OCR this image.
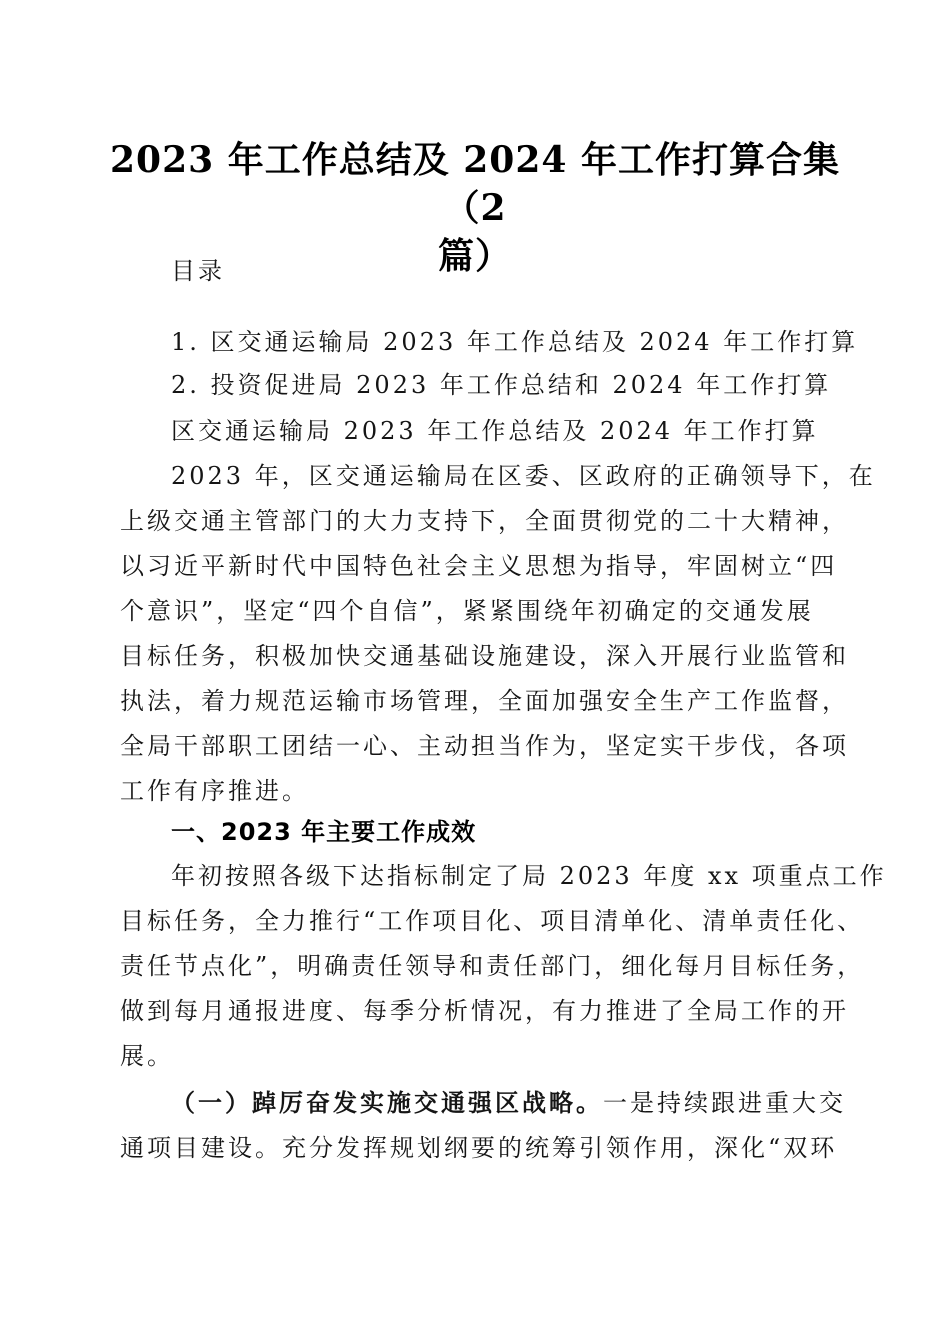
2023 年工作总结及 2024 年工作打算合集（2
篇）
目录
1. 区交通运输局 2023 年工作总结及 2024 年工作打算
2. 投资促进局 2023 年工作总结和 2024 年工作打算
区交通运输局 2023 年工作总结及 2024 年工作打算
2023 年，区交通运输局在区委、区政府的正确领导下，在
上级交通主管部门的大力支持下，全面贯彻党的二十大精神，
以习近平新时代中国特色社会主义思想为指导，牢固树立“四
个意识”，坚定“四个自信”，紧紧围绕年初确定的交通发展
目标任务，积极加快交通基础设施建设，深入开展行业监管和
执法，着力规范运输市场管理，全面加强安全生产工作监督，
全局干部职工团结一心、主动担当作为，坚定实干步伐，各项
工作有序推进。
一、2023 年主要工作成效
年初按照各级下达指标制定了局 2023 年度 xx 项重点工作
目标任务，全力推行“工作项目化、项目清单化、清单责任化、
责任节点化”，明确责任领导和责任部门，细化每月目标任务，
做到每月通报进度、每季分析情况，有力推进了全局工作的开
展。
（一）踔厉奋发实施交通强区战略。一是持续跟进重大交
通项目建设。充分发挥规划纲要的统筹引领作用，深化“双环
